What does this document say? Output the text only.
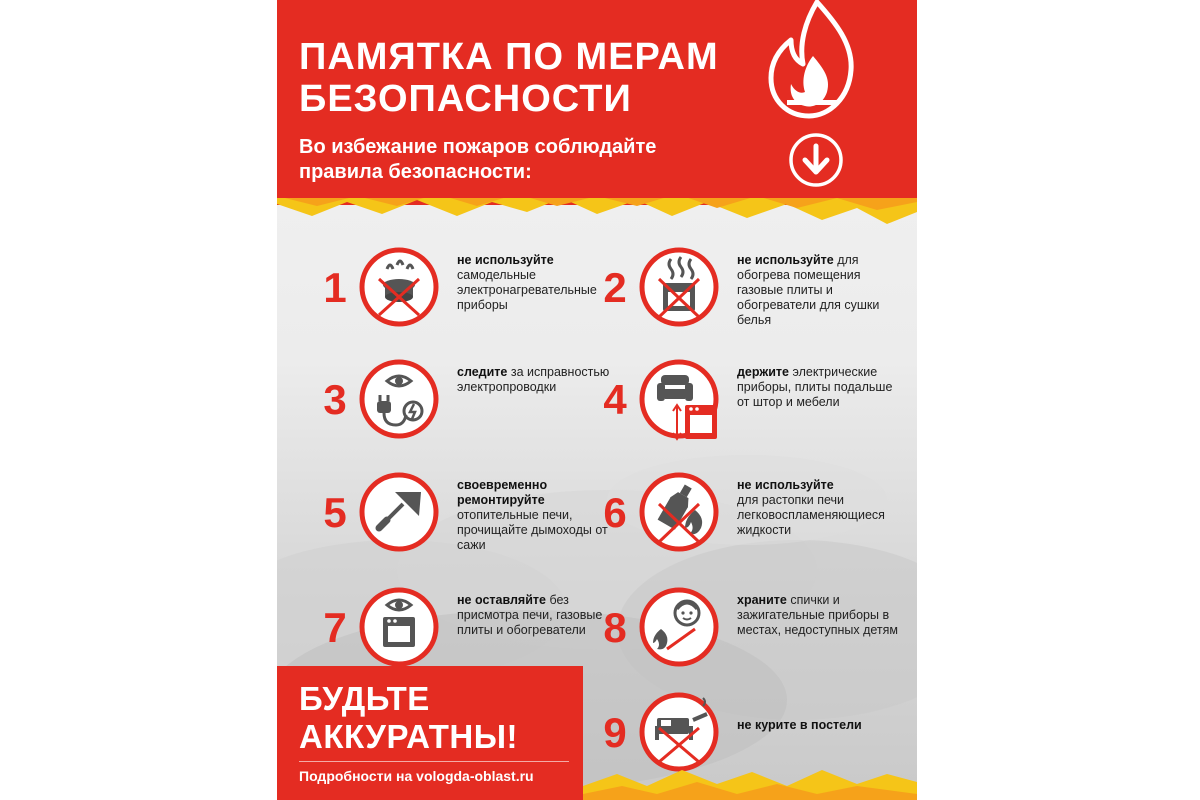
ПАМЯТКА ПО МЕРАМ
БЕЗОПАСНОСТИ

Во избежание пожаров соблюдайте
правила безопасности:

1
не используйте
самодельные электронагревательные приборы	2
не используйте для обогрева помещения газовые плиты и обогреватели для сушки белья
3
следите за исправностью электропроводки	4
держите электрические приборы, плиты подальше от штор и мебели
5
своевременно ремонтируйте
отопительные печи, прочищайте дымоходы от сажи
6
не используйте
для растопки печи легковоспламеняющиеся жидкости
7
не оставляйте без присмотра печи, газовые плиты и обогреватели 8
храните спички и зажигательные приборы в местах, недоступных детям
9	не курите в постели
БУДЬТЕ
АККУРАТНЫ!
Подробности на vologda-oblast.ru
